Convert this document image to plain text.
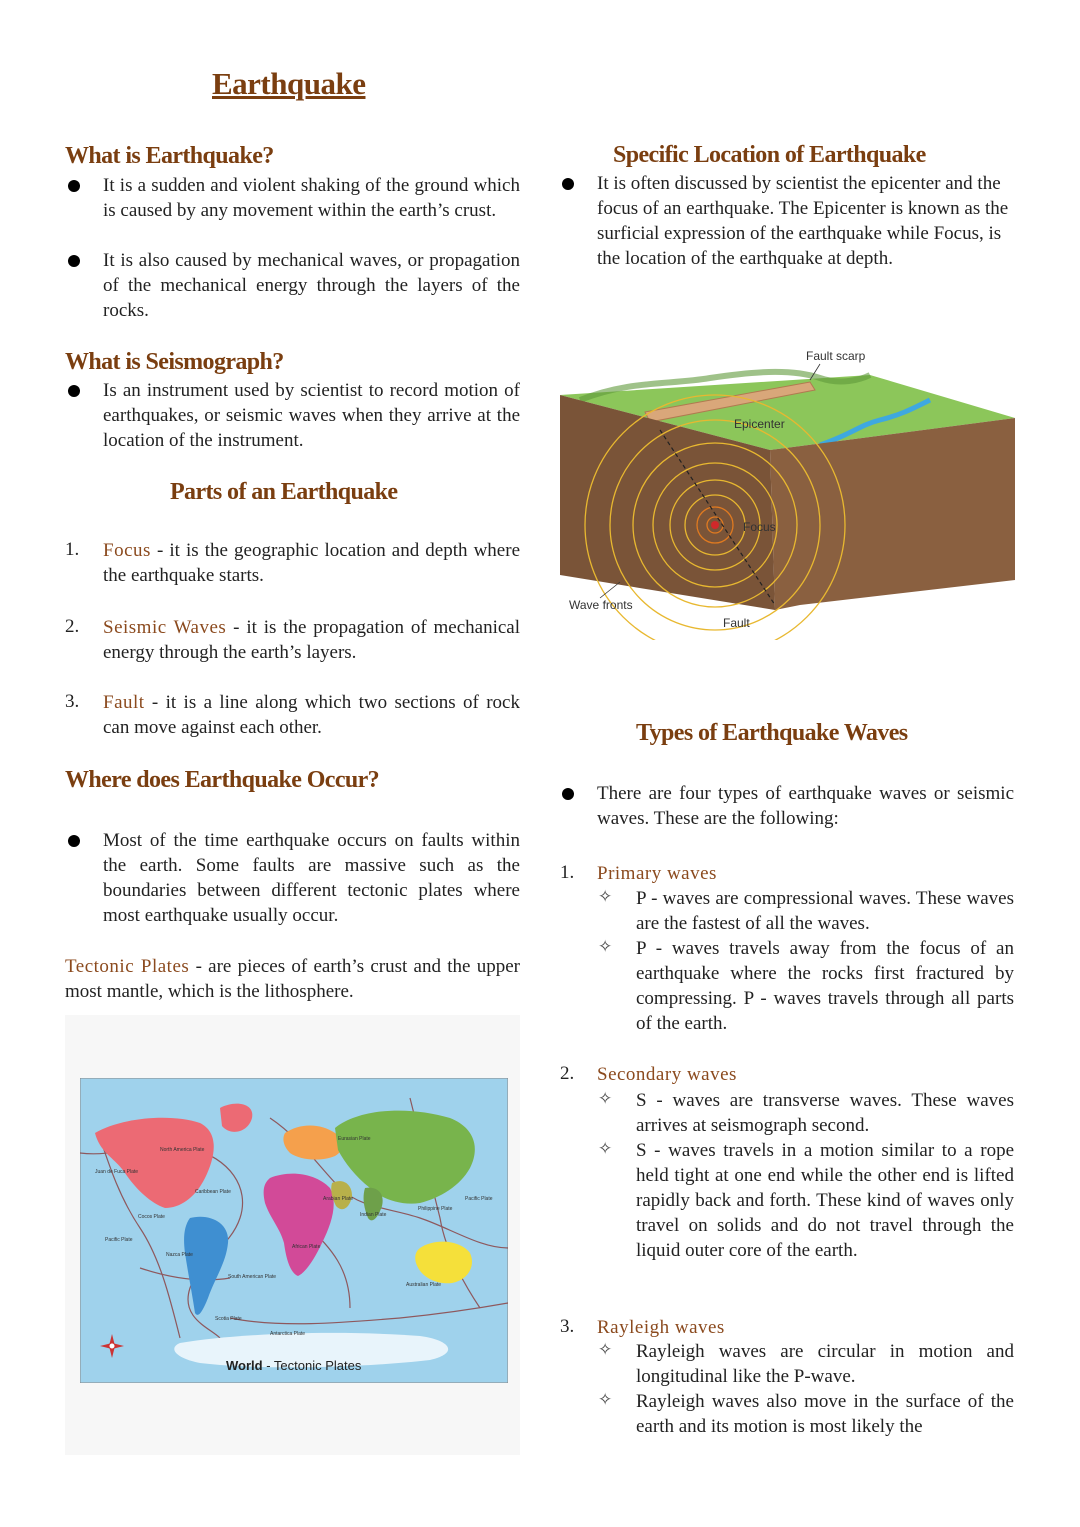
Earthquake
What is Earthquake?
It is a sudden and violent shaking of the ground which is caused by any movement within the earth’s crust.
It is also caused by mechanical waves, or propagation of the mechanical energy through the layers of the rocks.
What is Seismograph?
Is an instrument used by scientist to record motion of earthquakes, or seismic waves when they arrive at the location of the instrument.
Parts of an Earthquake
1. Focus - it is the geographic location and depth where the earthquake starts.
2. Seismic Waves - it is the propagation of mechanical energy through the earth’s layers.
3. Fault - it is a line along which two sections of rock can move against each other.
Where does Earthquake Occur?
Most of the time earthquake occurs on faults within the earth. Some faults are massive such as the boundaries between different tectonic plates where most earthquake usually occur.
Tectonic Plates - are pieces of earth’s crust and the upper most mantle, which is the lithosphere.
North America Plate
Eurasian Plate
Juan de Fuca Plate
Caribbean Plate
Cocos Plate
Pacific Plate
Nazca Plate
South American Plate
Arabian Plate
Indian Plate
Philippine Plate
Pacific Plate
African Plate
Australian Plate
Scotia Plate
Antarctica Plate
World - Tectonic Plates
Specific Location of Earthquake
It is often discussed by scientist the epicenter and the focus of an earthquake. The Epicenter is known as the surficial expression of the earthquake while Focus, is the location of the earthquake at depth.
Fault scarp
Epicenter
Focus
Wave fronts
Fault
Types of Earthquake Waves
There are four types of earthquake waves or seismic waves. These are the following:
1. Primary waves
✧ P - waves are compressional waves. These waves are the fastest of all the waves.
✧ P - waves travels away from the focus of an earthquake where the rocks first fractured by compressing. P - waves travels through all parts of the earth.
2. Secondary waves
✧ S - waves are transverse waves. These waves arrives at seismograph second.
✧ S - waves travels in a motion similar to a rope held tight at one end while the other end is lifted rapidly back and forth. These kind of waves only travel on solids and do not travel through the liquid outer core of the earth.
3. Rayleigh waves
✧ Rayleigh waves are circular in motion and longitudinal like the P-wave.
✧ Rayleigh waves also move in the surface of the earth and its motion is most likely the
